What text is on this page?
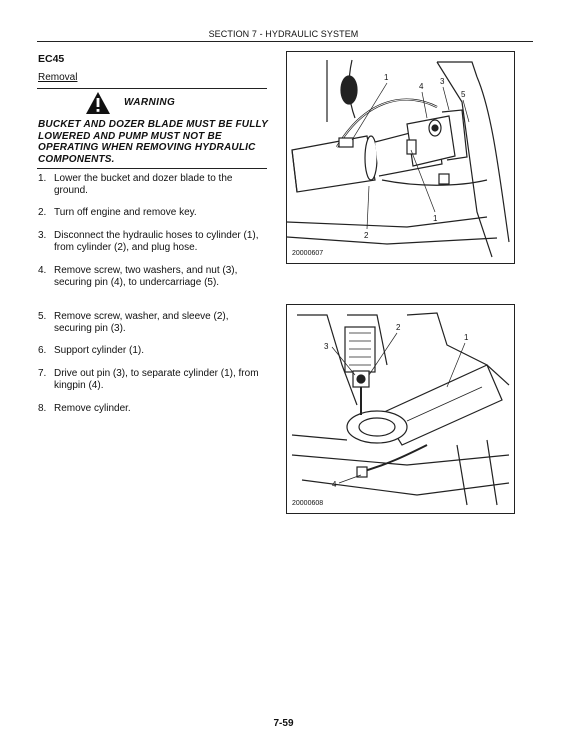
SECTION 7 - HYDRAULIC SYSTEM
EC45
Removal
WARNING
BUCKET AND DOZER BLADE MUST BE FULLY LOWERED AND PUMP MUST NOT BE OPERATING WHEN REMOVING HYDRAULIC COMPONENTS.
1. Lower the bucket and dozer blade to the ground.
2. Turn off engine and remove key.
3. Disconnect the hydraulic hoses to cylinder (1), from cylinder (2), and plug hose.
4. Remove screw, two washers, and nut (3), securing pin (4), to undercarriage (5).
5. Remove screw, washer, and sleeve (2), securing pin (3).
6. Support cylinder (1).
7. Drive out pin (3), to separate cylinder (1), from kingpin (4).
8. Remove cylinder.
1
4
3
5
1
2
20000607
3
2
1
4
20000608
7-59
